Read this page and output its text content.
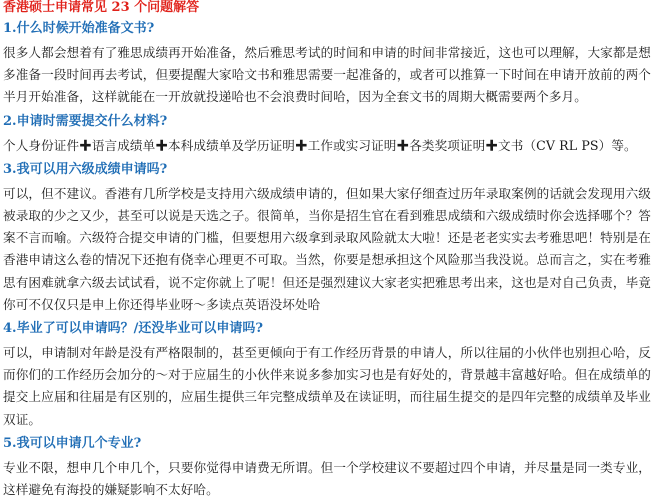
香港硕士申请常见 23 个问题解答
1.什么时候开始准备文书?

很多人都会想着有了雅思成绩再开始准备，然后雅思考试的时间和申请的时间非常接近，这也可以理解，大家都是想多准备一段时间再去考试，但要提醒大家哈文书和雅思需要一起准备的，或者可以推算一下时间在申请开放前的两个半月开始准备，这样就能在一开放就投递哈也不会浪费时间哈，因为全套文书的周期大概需要两个多月。

2.申请时需要提交什么材料?

个人身份证件✚语言成绩单✚本科成绩单及学历证明✚工作或实习证明✚各类奖项证明✚文书（CV RL PS）等。

3.我可以用六级成绩申请吗?

可以，但不建议。香港有几所学校是支持用六级成绩申请的，但如果大家仔细查过历年录取案例的话就会发现用六级被录取的少之又少，甚至可以说是天选之子。很简单，当你是招生官在看到雅思成绩和六级成绩时你会选择哪个？答案不言而喻。六级符合提交申请的门槛，但要想用六级拿到录取风险就太大啦！还是老老实实去考雅思吧！特别是在香港申请这么卷的情况下还抱有侥幸心理更不可取。当然，你要是想承担这个风险那当我没说。总而言之，实在考雅思有困难就拿六级去试试看，说不定你就上了呢！但还是强烈建议大家老实把雅思考出来，这也是对自己负责，毕竟你可不仅仅只是申上你还得毕业呀～多读点英语没坏处哈

4.毕业了可以申请吗？/还没毕业可以申请吗?

可以，申请制对年龄是没有严格限制的，甚至更倾向于有工作经历背景的申请人，所以往届的小伙伴也别担心哈，反而你们的工作经历会加分的～对于应届生的小伙伴来说多参加实习也是有好处的，背景越丰富越好哈。但在成绩单的提交上应届和往届是有区别的，应届生提供三年完整成绩单及在读证明，而往届生提交的是四年完整的成绩单及毕业双证。

5.我可以申请几个专业?

专业不限，想申几个申几个，只要你觉得申请费无所谓。但一个学校建议不要超过四个申请，并尽量是同一类专业，这样避免有海投的嫌疑影响不太好哈。
